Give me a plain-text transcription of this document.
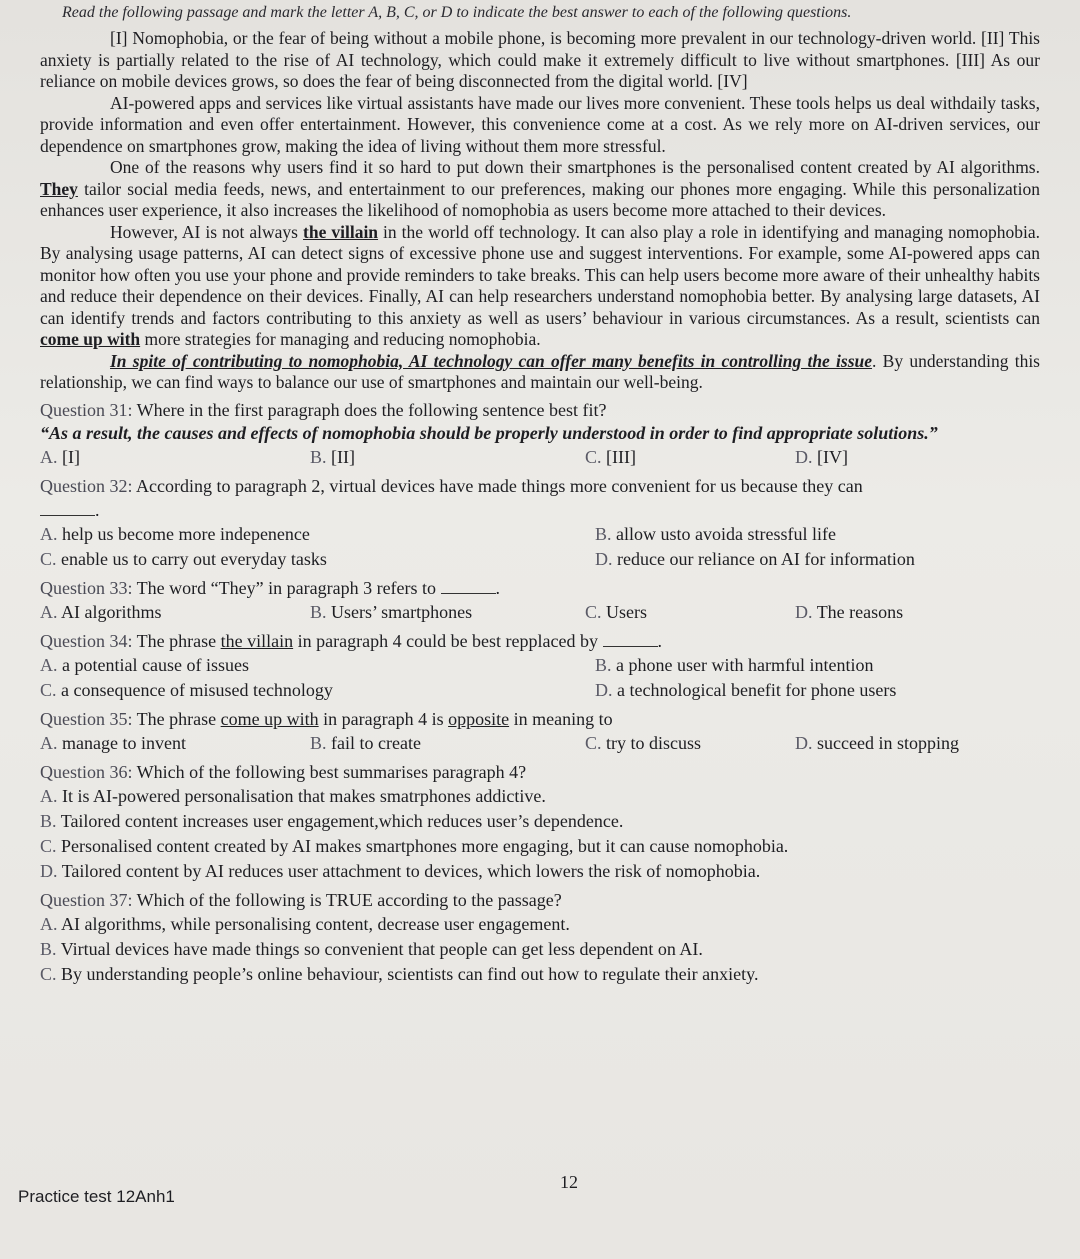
Read the following passage and mark the letter A, B, C, or D to indicate the best answer to each of the following questions.

[I] Nomophobia, or the fear of being without a mobile phone, is becoming more prevalent in our technology-driven world. [II] This anxiety is partially related to the rise of AI technology, which could make it extremely difficult to live without smartphones. [III] As our reliance on mobile devices grows, so does the fear of being disconnected from the digital world. [IV]

AI-powered apps and services like virtual assistants have made our lives more convenient. These tools helps us deal withdaily tasks, provide information and even offer entertainment. However, this convenience come at a cost. As we rely more on AI-driven services, our dependence on smartphones grow, making the idea of living without them more stressful.

One of the reasons why users find it so hard to put down their smartphones is the personalised content created by AI algorithms. They tailor social media feeds, news, and entertainment to our preferences, making our phones more engaging. While this personalization enhances user experience, it also increases the likelihood of nomophobia as users become more attached to their devices.

However, AI is not always the villain in the world off technology. It can also play a role in identifying and managing nomophobia. By analysing usage patterns, AI can detect signs of excessive phone use and suggest interventions. For example, some AI-powered apps can monitor how often you use your phone and provide reminders to take breaks. This can help users become more aware of their unhealthy habits and reduce their dependence on their devices. Finally, AI can help researchers understand nomophobia better. By analysing large datasets, AI can identify trends and factors contributing to this anxiety as well as users’ behaviour in various circumstances. As a result, scientists can come up with more strategies for managing and reducing nomophobia.

In spite of contributing to nomophobia, AI technology can offer many benefits in controlling the issue. By understanding this relationship, we can find ways to balance our use of smartphones and maintain our well-being.

Question 31: Where in the first paragraph does the following sentence best fit?

“As a result, the causes and effects of nomophobia should be properly understood in order to find appropriate solutions.”

A. [I]	B. [II]	C. [III]	D. [IV]

Question 32: According to paragraph 2, virtual devices have made things more convenient for us because they can

.

A. help us become more indepenence	B. allow usto avoida stressful life
C. enable us to carry out everyday tasks	D. reduce our reliance on AI for information

Question 33: The word “They” in paragraph 3 refers to	.

A. AI algorithms	B. Users’ smartphones	C. Users	D. The reasons

Question 34: The phrase the villain in paragraph 4 could be best repplaced by	.

A. a potential cause of issues	B. a phone user with harmful intention
C. a consequence of misused technology	D. a technological benefit for phone users

Question 35: The phrase come up with in paragraph 4 is opposite in meaning to

A. manage to invent	B. fail to create	C. try to discuss	D. succeed in stopping

Question 36: Which of the following best summarises paragraph 4?

A. It is AI-powered personalisation that makes smatrphones addictive.
B. Tailored content increases user engagement,which reduces user’s dependence.
C. Personalised content created by AI makes smartphones more engaging, but it can cause nomophobia.
D. Tailored content by AI reduces user attachment to devices, which lowers the risk of nomophobia.

Question 37: Which of the following is TRUE according to the passage?

A. AI algorithms, while personalising content, decrease user engagement.
B. Virtual devices have made things so convenient that people can get less dependent on AI.
C. By understanding people’s online behaviour, scientists can find out how to regulate their anxiety.
12
Practice test 12Anh1
